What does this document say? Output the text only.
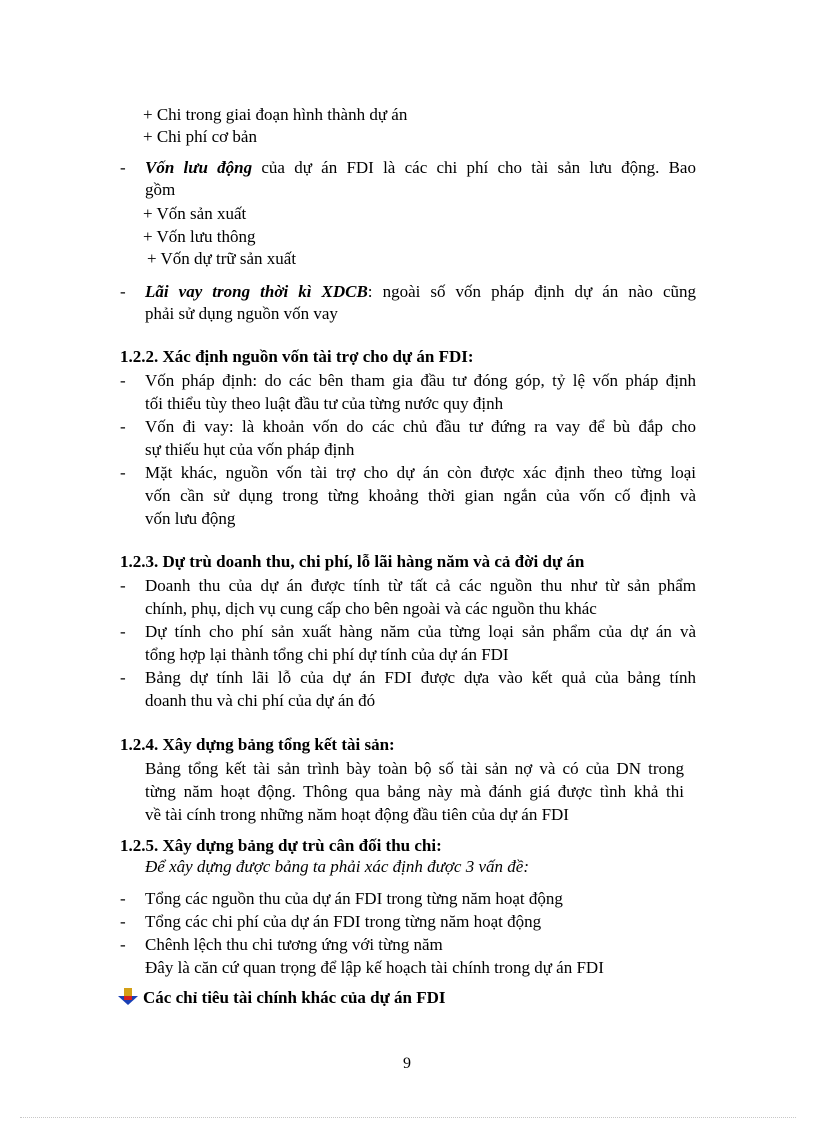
+ Chi trong giai đoạn hình thành dự án
+ Chi phí cơ bản
- Vốn lưu động của dự án FDI là các chi phí cho tài sản lưu động. Bao
gồm
+ Vốn sản xuất
+ Vốn lưu thông
+ Vốn dự trữ sản xuất
- Lãi vay trong thời kì XDCB: ngoài số vốn pháp định dự án nào cũng
phải sử dụng nguồn vốn vay
1.2.2. Xác định nguồn vốn tài trợ cho dự án FDI:
- Vốn pháp định: do các bên tham gia đầu tư đóng góp, tỷ lệ vốn pháp định
tối thiểu tùy theo luật đầu tư của từng nước quy định
- Vốn đi vay: là khoản vốn do các chủ đầu tư đứng ra vay để bù đắp cho
sự thiếu hụt của vốn pháp định
- Mặt khác, nguồn vốn tài trợ cho dự án còn được xác định theo từng loại
vốn cần sử dụng trong từng khoảng thời gian ngắn của vốn cố định và
vốn lưu động
1.2.3. Dự trù doanh thu, chi phí, lỗ lãi hàng năm và cả đời dự án
- Doanh thu của dự án được tính từ tất cả các nguồn thu như từ sản phẩm
chính, phụ, dịch vụ cung cấp cho bên ngoài và các nguồn thu khác
- Dự tính cho phí sản xuất hàng năm của từng loại sản phẩm của dự án và
tổng hợp lại thành tổng chi phí dự tính của dự án FDI
- Bảng dự tính lãi lỗ của dự án FDI được dựa vào kết quả của bảng tính
doanh thu và chi phí của dự án đó
1.2.4. Xây dựng bảng tổng kết tài sản:
Bảng tổng kết tài sản trình bày toàn bộ số tài sản nợ và có của DN trong
từng năm hoạt động. Thông qua bảng này mà đánh giá được tình khả thi
về tài cính trong những năm hoạt động đầu tiên của dự án FDI
1.2.5. Xây dựng bảng dự trù cân đối thu chi:
Để xây dựng được bảng ta phải xác định được 3 vấn đề:
- Tổng các nguồn thu của dự án FDI trong từng năm hoạt động
- Tổng các chi phí của dự án FDI trong từng năm hoạt động
- Chênh lệch thu chi tương ứng với từng năm
Đây là căn cứ quan trọng để lập kế hoạch tài chính trong dự án FDI
Các chỉ tiêu tài chính khác của dự án FDI
9
